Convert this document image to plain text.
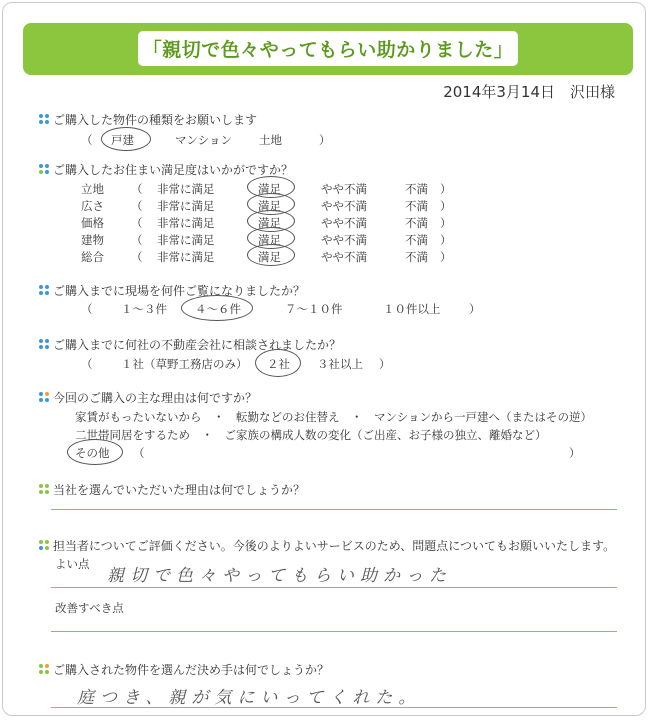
「親切で色々やってもらい助かりました」
2014年3月14日　沢田様
ご購入した物件の種類をお願いします
（ 戸建	マンション 土地	）
ご購入したお住まい満足度はいかがですか？
立地 （ 非常に満足	満足	やや不満	不満 ）
広さ （ 非常に満足	満足	やや不満	不満 ）
価格 （ 非常に満足	満足	やや不満	不満 ）
建物 （ 非常に満足	満足	やや不満	不満 ）
総合 （ 非常に満足	満足	やや不満	不満 ）
ご購入までに現場を何件ご覧になりましたか？
（ １～３件 ４～６件	７～１０件	１０件以上 ）
ご購入までに何社の不動産会社に相談されましたか？
（ １社（草野工務店のみ） ２社 ３社以上 ）
今回のご購入の主な理由は何ですか？
家賃がもったいないから　・　転勤などのお住替え　・　マンションから一戸建へ（またはその逆）
二世帯同居をするため　・　ご家族の構成人数の変化（ご出産、お子様の独立、離婚など）
その他 （	）
当社を選んでいただいた理由は何でしょうか？
担当者についてご評価ください。今後のよりよいサービスのため、問題点についてもお願いいたします。
よい点
親切で色々やってもらい助かった
改善すべき点
ご購入された物件を選んだ決め手は何でしょうか？
庭つき、親が気にいってくれた。
